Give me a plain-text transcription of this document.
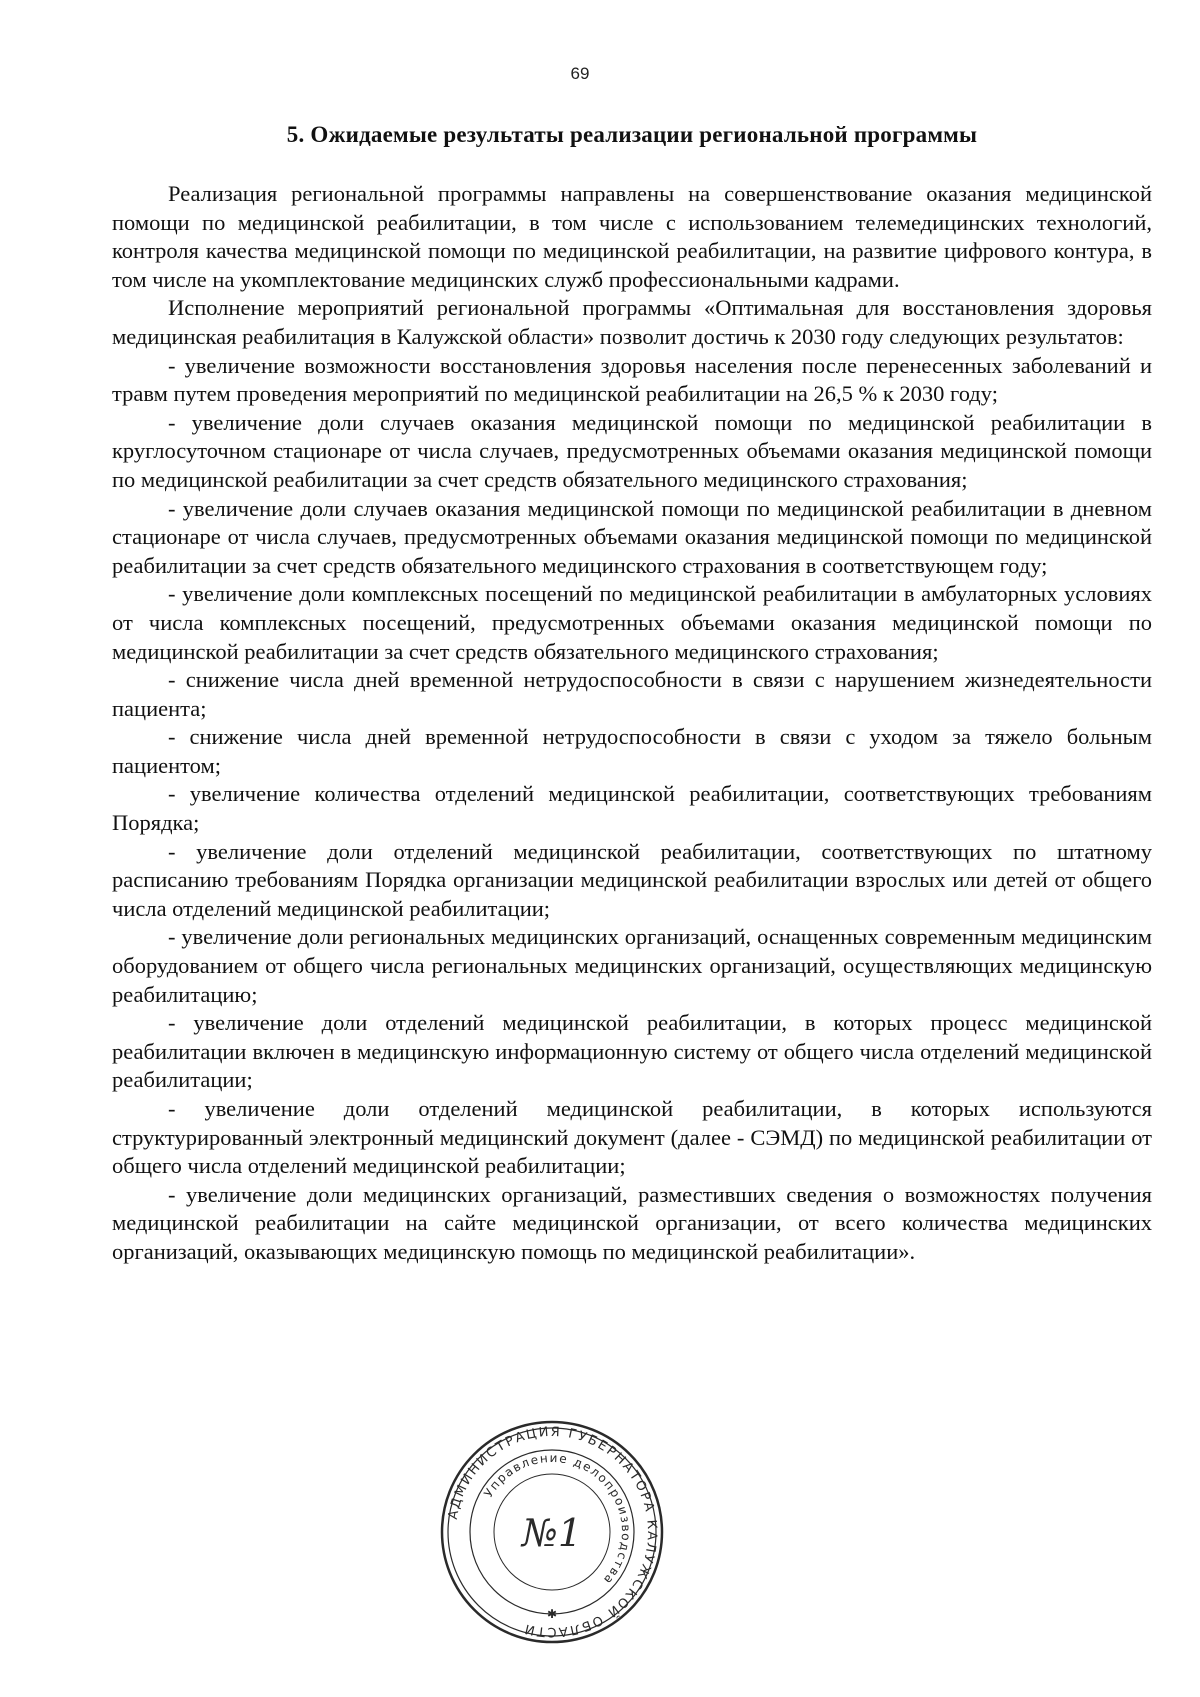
69
5. Ожидаемые результаты реализации региональной программы

Реализация региональной программы направлены на совершенствование оказания медицинской помощи по медицинской реабилитации, в том числе с использованием телемедицинских технологий, контроля качества медицинской помощи по медицинской реабилитации, на развитие цифрового контура, в том числе на укомплектование медицинских служб профессиональными кадрами.

Исполнение мероприятий региональной программы «Оптимальная для восстановления здоровья медицинская реабилитация в Калужской области» позволит достичь к 2030 году следующих результатов:

- увеличение возможности восстановления здоровья населения после перенесенных заболеваний и травм путем проведения мероприятий по медицинской реабилитации на 26,5 % к 2030 году;

- увеличение доли случаев оказания медицинской помощи по медицинской реабилитации в круглосуточном стационаре от числа случаев, предусмотренных объемами оказания медицинской помощи по медицинской реабилитации за счет средств обязательного медицинского страхования;

- увеличение доли случаев оказания медицинской помощи по медицинской реабилитации в дневном стационаре от числа случаев, предусмотренных объемами оказания медицинской помощи по медицинской реабилитации за счет средств обязательного медицинского страхования в соответствующем году;

- увеличение доли комплексных посещений по медицинской реабилитации в амбулаторных условиях от числа комплексных посещений, предусмотренных объемами оказания медицинской помощи по медицинской реабилитации за счет средств обязательного медицинского страхования;

- снижение числа дней временной нетрудоспособности в связи с нарушением жизнедеятельности пациента;

- снижение числа дней временной нетрудоспособности в связи с уходом за тяжело больным пациентом;

- увеличение количества отделений медицинской реабилитации, соответствующих требованиям Порядка;

- увеличение доли отделений медицинской реабилитации, соответствующих по штатному расписанию требованиям Порядка организации медицинской реабилитации взрослых или детей от общего числа отделений медицинской реабилитации;

- увеличение доли региональных медицинских организаций, оснащенных современным медицинским оборудованием от общего числа региональных медицинских организаций, осуществляющих медицинскую реабилитацию;

- увеличение доли отделений медицинской реабилитации, в которых процесс медицинской реабилитации включен в медицинскую информационную систему от общего числа отделений медицинской реабилитации;

- увеличение доли отделений медицинской реабилитации, в которых используются структурированный электронный медицинский документ (далее - СЭМД) по медицинской реабилитации от общего числа отделений медицинской реабилитации;

- увеличение доли медицинских организаций, разместивших сведения о возможностях получения медицинской реабилитации на сайте медицинской организации, от всего количества медицинских организаций, оказывающих медицинскую помощь по медицинской реабилитации».

АДМИНИСТРАЦИЯ ГУБЕРНАТОРА КАЛУЖСКОЙ ОБЛАСТИ
Управление делопроизводства
№1
✱
